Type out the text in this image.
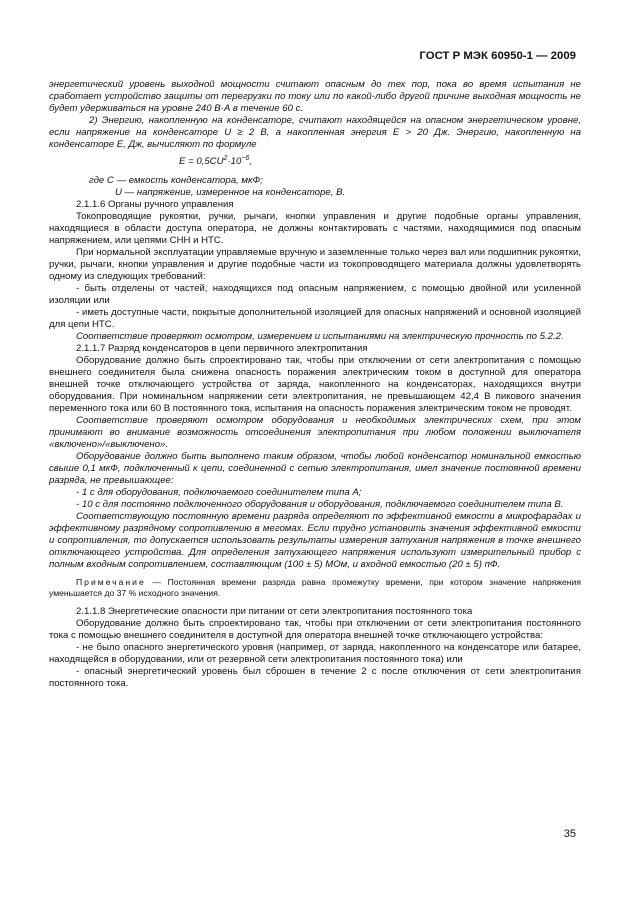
ГОСТ Р МЭК 60950-1 — 2009

энергетический уровень выходной мощности считают опасным до тех пор, пока во время испытания не сработает устройство защиты от перегрузки по току или по какой-либо другой причине выходная мощность не будет удерживаться на уровне 240 В·А в течение 60 с.

2) Энергию, накопленную на конденсаторе, считают находящейся на опасном энергетическом уровне, если напряжение на конденсаторе U ≥ 2 В, а накопленная энергия E > 20 Дж. Энергию, накопленную на конденсаторе E, Дж, вычисляют по формуле

$E = 0,5CU^2\cdot 10^{-6}$,

где C — емкость конденсатора, мкФ;

U — напряжение, измеренное на конденсаторе, В.

2.1.1.6 Органы ручного управления

Токопроводящие рукоятки, ручки, рычаги, кнопки управления и другие подобные органы управления, находящиеся в области доступа оператора, не должны контактировать с частями, находящимися под опасным напряжением, или цепями СНН и НТС.

При нормальной эксплуатации управляемые вручную и заземленные только через вал или подшипник рукоятки, ручки, рычаги, кнопки управления и другие подобные части из токопроводящего материала должны удовлетворять одному из следующих требований:

- быть отделены от частей, находящихся под опасным напряжением, с помощью двойной или усиленной изоляции или

- иметь доступные части, покрытые дополнительной изоляцией для опасных напряжений и основной изоляцией для цепи НТС.

Соответствие проверяют осмотром, измерением и испытаниями на электрическую прочность по 5.2.2.

2.1.1.7 Разряд конденсаторов в цепи первичного электропитания

Оборудование должно быть спроектировано так, чтобы при отключении от сети электропитания с помощью внешнего соединителя была снижена опасность поражения электрическим током в доступной для оператора внешней точке отключающего устройства от заряда, накопленного на конденсаторах, находящихся внутри оборудования. При номинальном напряжении сети электропитания, не превышающем 42,4 В пикового значения переменного тока или 60 В постоянного тока, испытания на опасность поражения электрическим током не проводят.

Соответствие проверяют осмотром оборудования и необходимых электрических схем, при этом принимают во внимание возможность отсоединения электропитания при любом положении выключателя «включено»/«выключено».

Оборудование должно быть выполнено таким образом, чтобы любой конденсатор номинальной емкостью свыше 0,1 мкФ, подключенный к цепи, соединенной с сетью электропитания, имел значение постоянной времени разряда, не превышающее:

- 1 с для оборудования, подключаемого соединителем типа А;

- 10 с для постоянно подключенного оборудования и оборудования, подключаемого соединителем типа В.

Соответствующую постоянную времени разряда определяют по эффективной емкости в микрофарадах и эффективному разрядному сопротивлению в мегомах. Если трудно установить значения эффективной емкости и сопротивления, то допускается использовать результаты измерения затухания напряжения в точке внешнего отключающего устройства. Для определения затухающего напряжения используют измерительный прибор с полным входным сопротивлением, составляющим (100 ± 5) МОм, и входной емкостью (20 ± 5) пФ.

Примечание — Постоянная времени разряда равна промежутку времени, при котором значение напряжения уменьшается до 37 % исходного значения.

2.1.1.8 Энергетические опасности при питании от сети электропитания постоянного тока

Оборудование должно быть спроектировано так, чтобы при отключении от сети электропитания постоянного тока с помощью внешнего соединителя в доступной для оператора внешней точке отключающего устройства:

- не было опасного энергетического уровня (например, от заряда, накопленного на конденсаторе или батарее, находящейся в оборудовании, или от резервной сети электропитания постоянного тока) или

- опасный энергетический уровень был сброшен в течение 2 с после отключения от сети электропитания постоянного тока.

35
